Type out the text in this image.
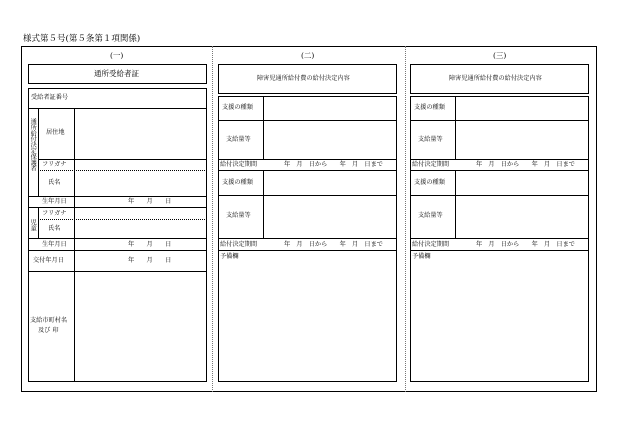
様式第５号(第５条第１項関係)
(一)	(二)	(三)
通所受給者証
受給者証番号
通所給付決定保護者 居住地
フリガナ
氏名
生年月日	年　　月　　日
児童
フリガナ
氏名
生年月日	年　　月　　日
交付年月日	年　　月　　日
支給市町村名
及び 印
障害児通所給付費の給付決定内容
支援の種類
支給量等
給付決定期間	年　月　日から　　年　月　日まで
支援の種類
支給量等
給付決定期間	年　月　日から　　年　月　日まで
予備欄
障害児通所給付費の給付決定内容
支援の種類
支給量等
給付決定期間	年　月　日から　　年　月　日まで
支援の種類
支給量等
給付決定期間	年　月　日から　　年　月　日まで
予備欄
